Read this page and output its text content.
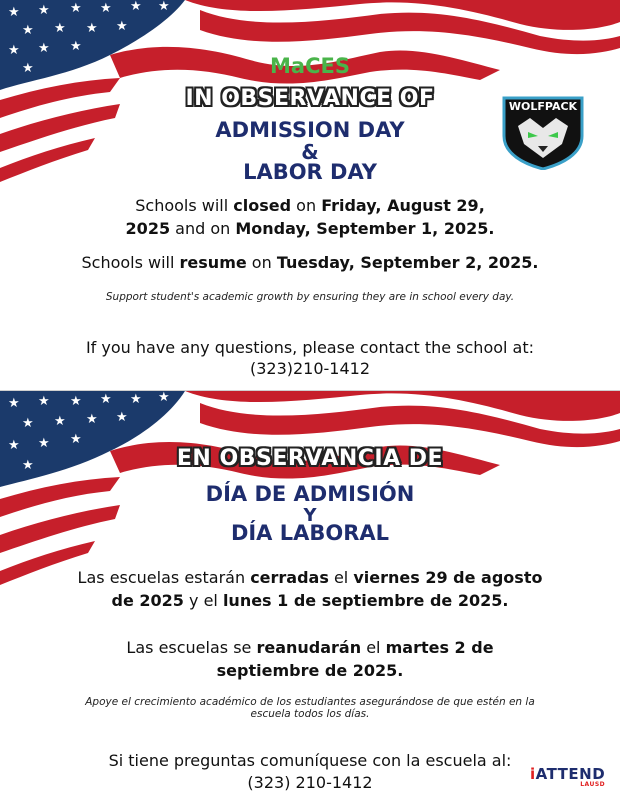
★ ★ ★ ★ ★ ★
★ ★ ★ ★
★ ★ ★
★	MaCES
IN OBSERVANCE OF
ADMISSION DAY
&
LABOR DAY
WOLFPACK
Schools will closed on Friday, August 29,
2025 and on Monday, September 1, 2025.
Schools will resume on Tuesday, September 2, 2025.
Support student's academic growth by ensuring they are in school every day.
If you have any questions, please contact the school at:
(323)210-1412
★ ★ ★ ★ ★ ★
★ ★ ★ ★
★ ★ ★
★	EN OBSERVANCIA DE
DÍA DE ADMISIÓN
Y
DÍA LABORAL
Las escuelas estarán cerradas el viernes 29 de agosto
de 2025 y el lunes 1 de septiembre de 2025.
Las escuelas se reanudarán el martes 2 de
septiembre de 2025.
Apoye el crecimiento académico de los estudiantes asegurándose de que estén en la
escuela todos los días.
Si tiene preguntas comuníquese con la escuela al:
(323) 210-1412	iATTEND
LAUSD
